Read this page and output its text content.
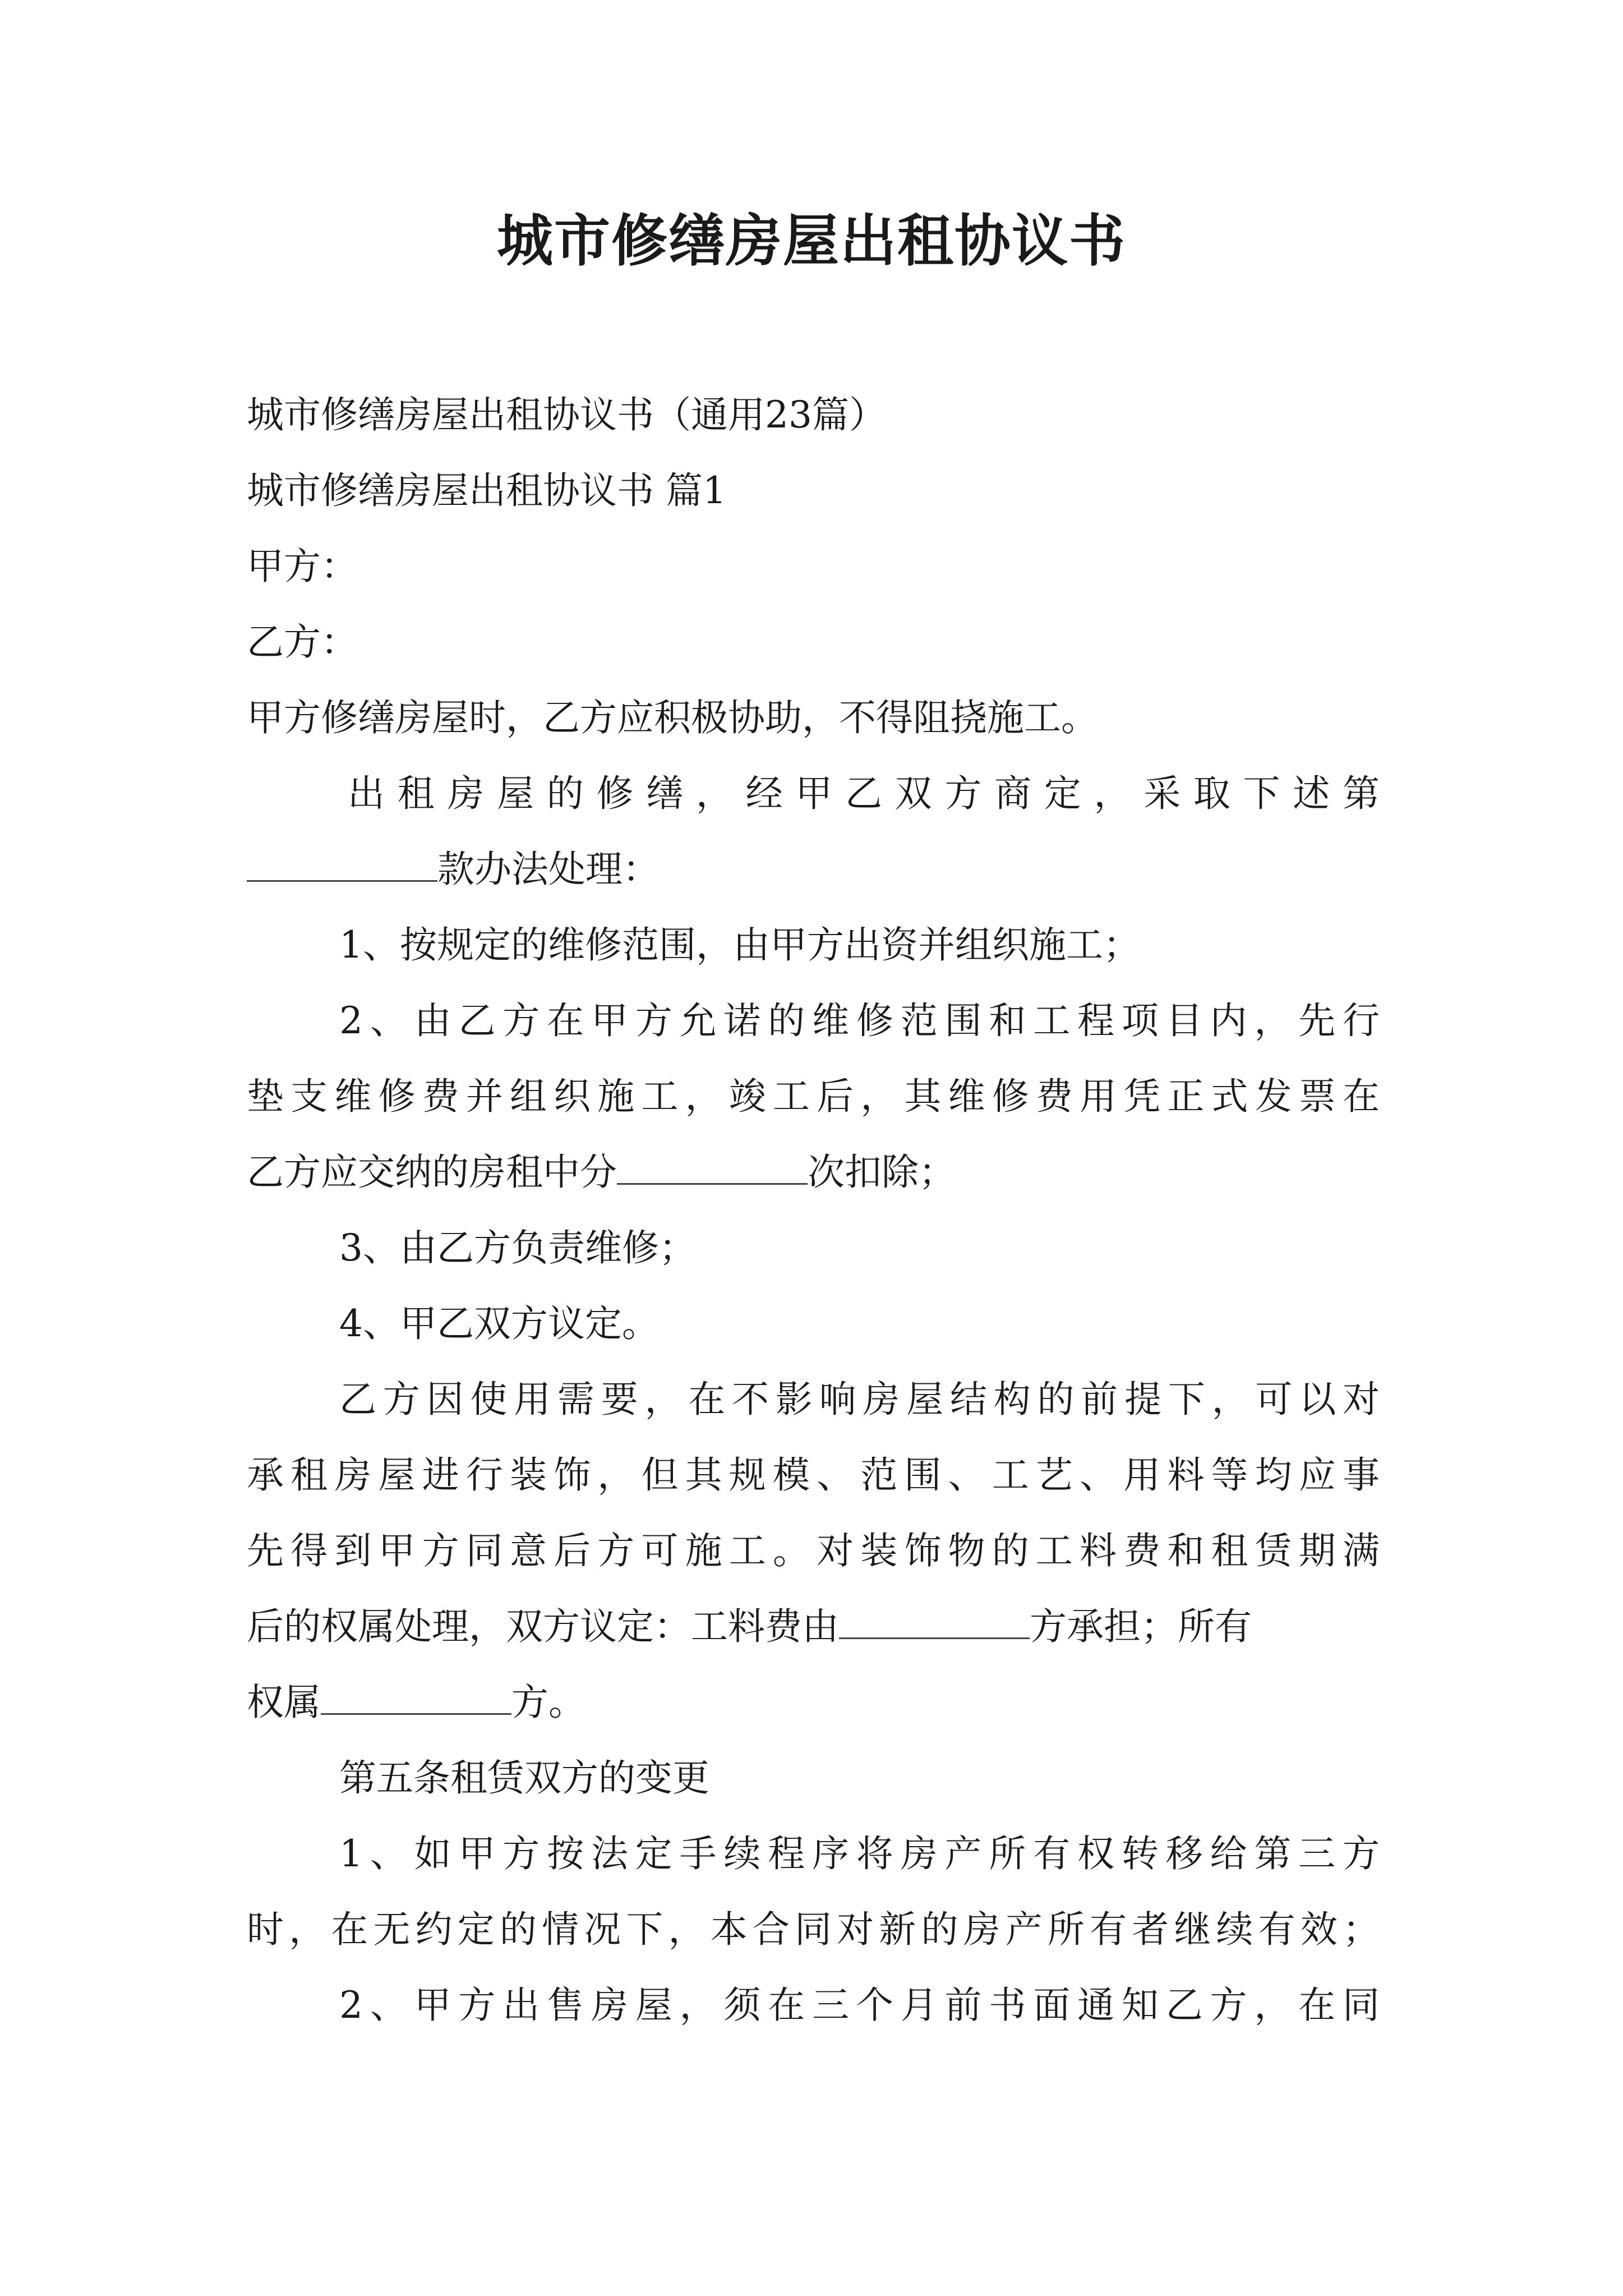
城市修缮房屋出租协议书
城市修缮房屋出租协议书（通用23篇）
城市修缮房屋出租协议书 篇1
甲方：
乙方：
甲方修缮房屋时，乙方应积极协助，不得阻挠施工。
出租房屋的修缮，经甲乙双方商定，采取下述第
款办法处理：
1、按规定的维修范围，由甲方出资并组织施工；
2、由乙方在甲方允诺的维修范围和工程项目内，先行
垫支维修费并组织施工，竣工后，其维修费用凭正式发票在
乙方应交纳的房租中分	次扣除；
3、由乙方负责维修；
4、甲乙双方议定。
乙方因使用需要，在不影响房屋结构的前提下，可以对
承租房屋进行装饰，但其规模、范围、工艺、用料等均应事
先得到甲方同意后方可施工。对装饰物的工料费和租赁期满
后的权属处理，双方议定：工料费由	方承担；所有
权属	方。
第五条租赁双方的变更
1、如甲方按法定手续程序将房产所有权转移给第三方
时，在无约定的情况下，本合同对新的房产所有者继续有效；
2、甲方出售房屋，须在三个月前书面通知乙方，在同
